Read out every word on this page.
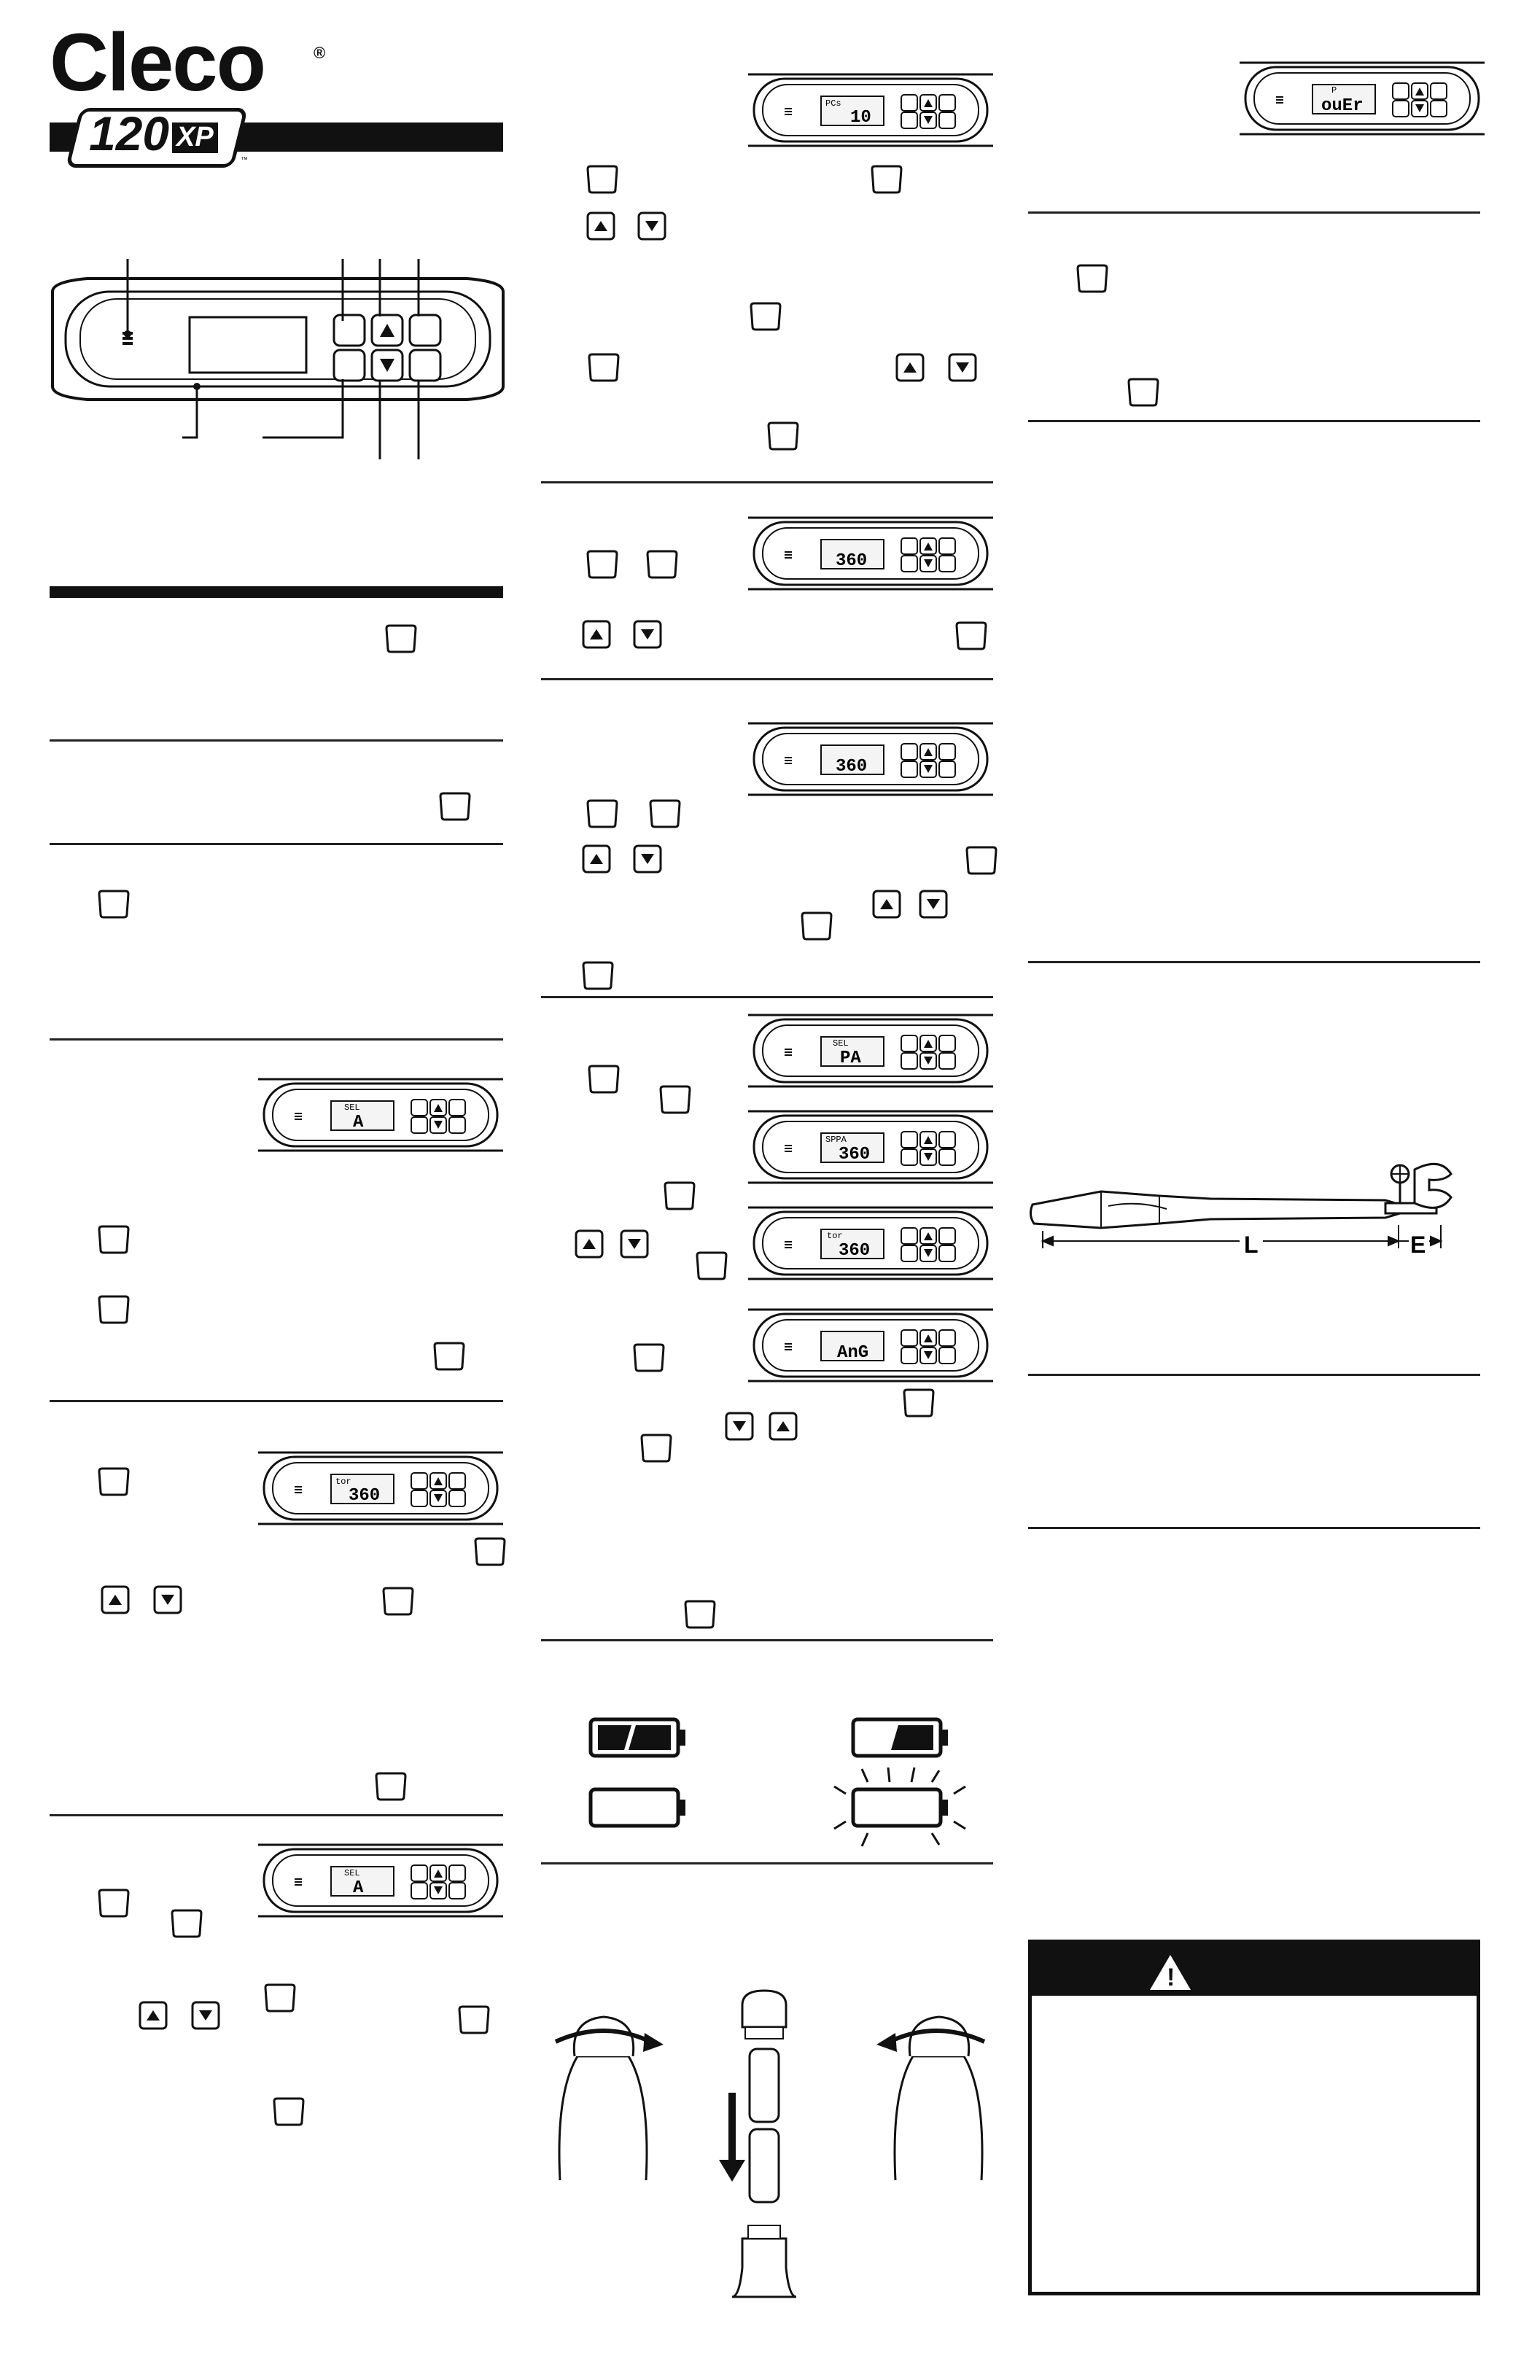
Cleco	®
120 XP
™
PCs
10
P
ouEr
SEL
A
tor
360
SEL
A
360
360
SEL
PA
SPPA
360
tor
360
AnG
L	E
!
